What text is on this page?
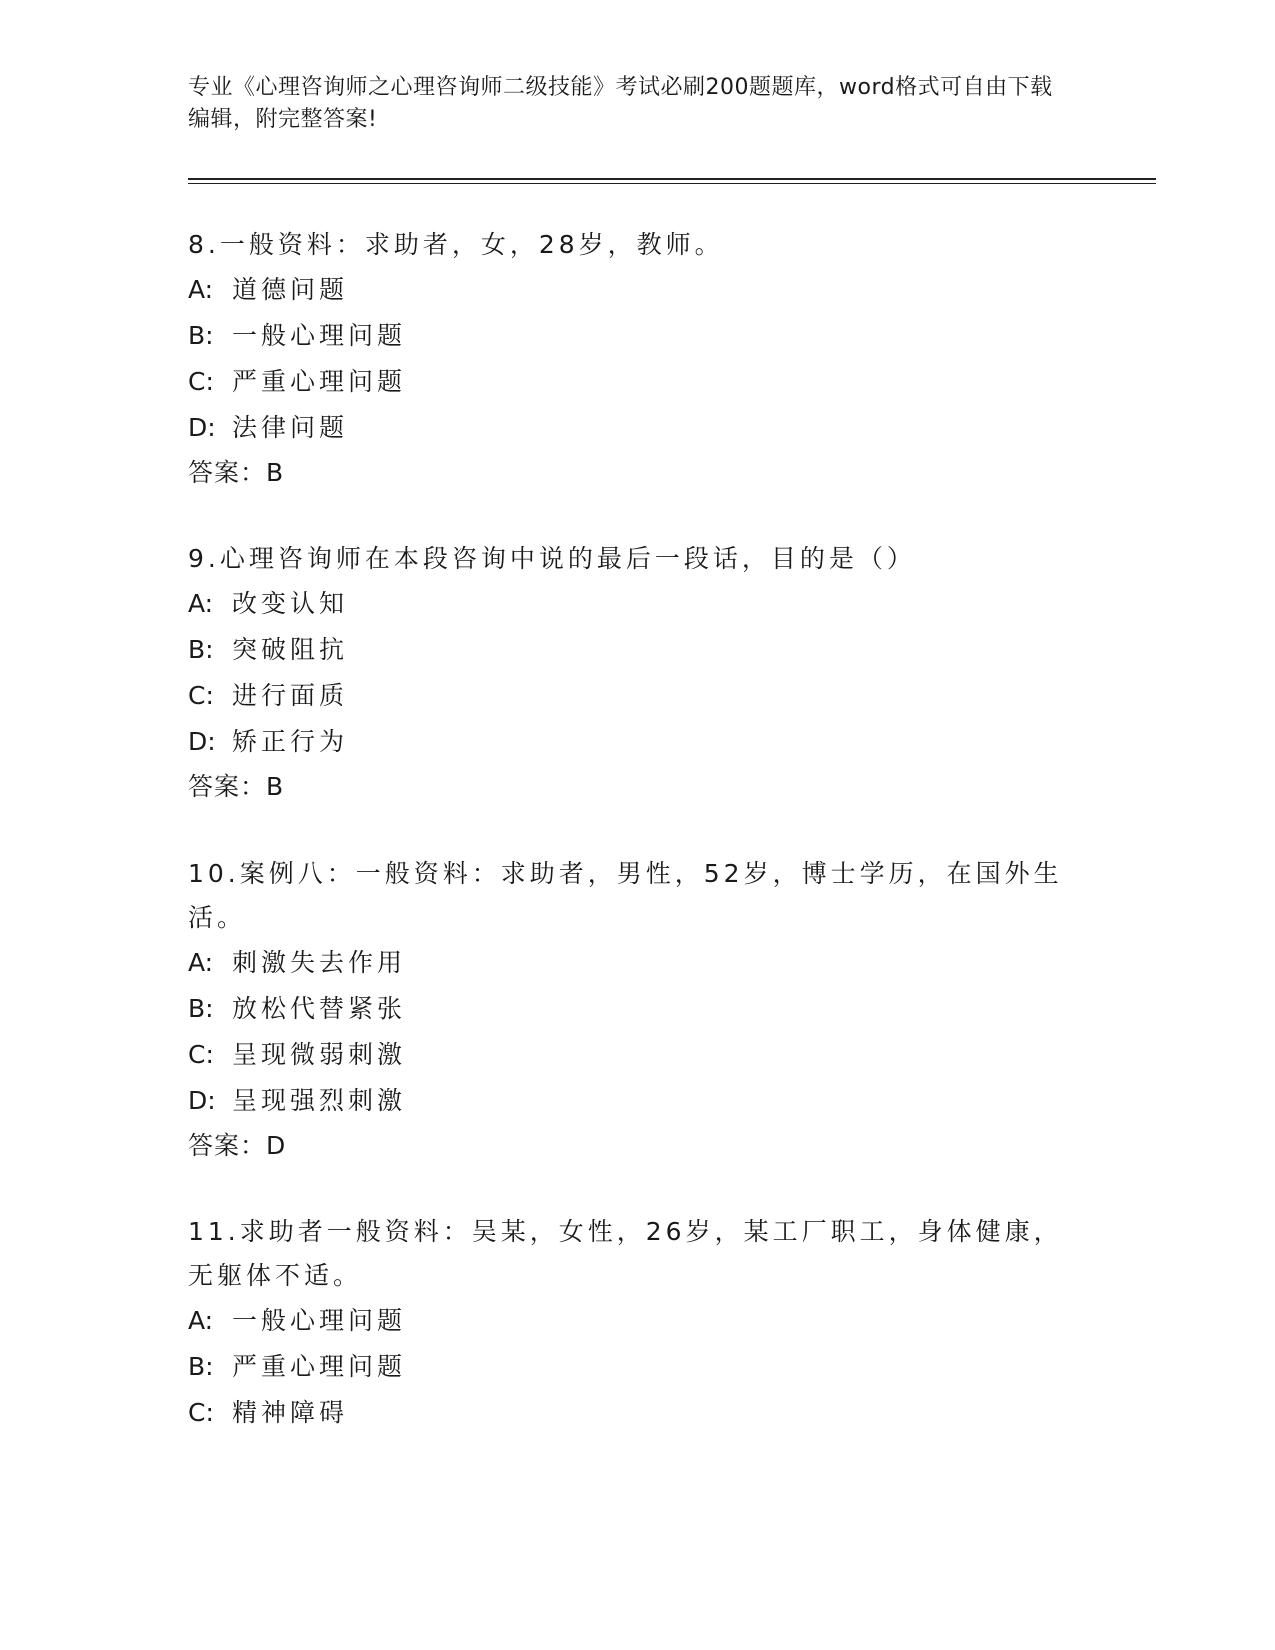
专业《心理咨询师之心理咨询师二级技能》考试必刷200题题库，word格式可自由下载编辑，附完整答案!
8.一般资料：求助者，女，28岁，教师。
A: 道德问题
B: 一般心理问题
C: 严重心理问题
D: 法律问题
答案：B
9.心理咨询师在本段咨询中说的最后一段话，目的是（）
A: 改变认知
B: 突破阻抗
C: 进行面质
D: 矫正行为
答案：B
10.案例八：一般资料：求助者，男性，52岁，博士学历，在国外生活。
A: 刺激失去作用
B: 放松代替紧张
C: 呈现微弱刺激
D: 呈现强烈刺激
答案：D
11.求助者一般资料：吴某，女性，26岁，某工厂职工，身体健康，无躯体不适。
A: 一般心理问题
B: 严重心理问题
C: 精神障碍
